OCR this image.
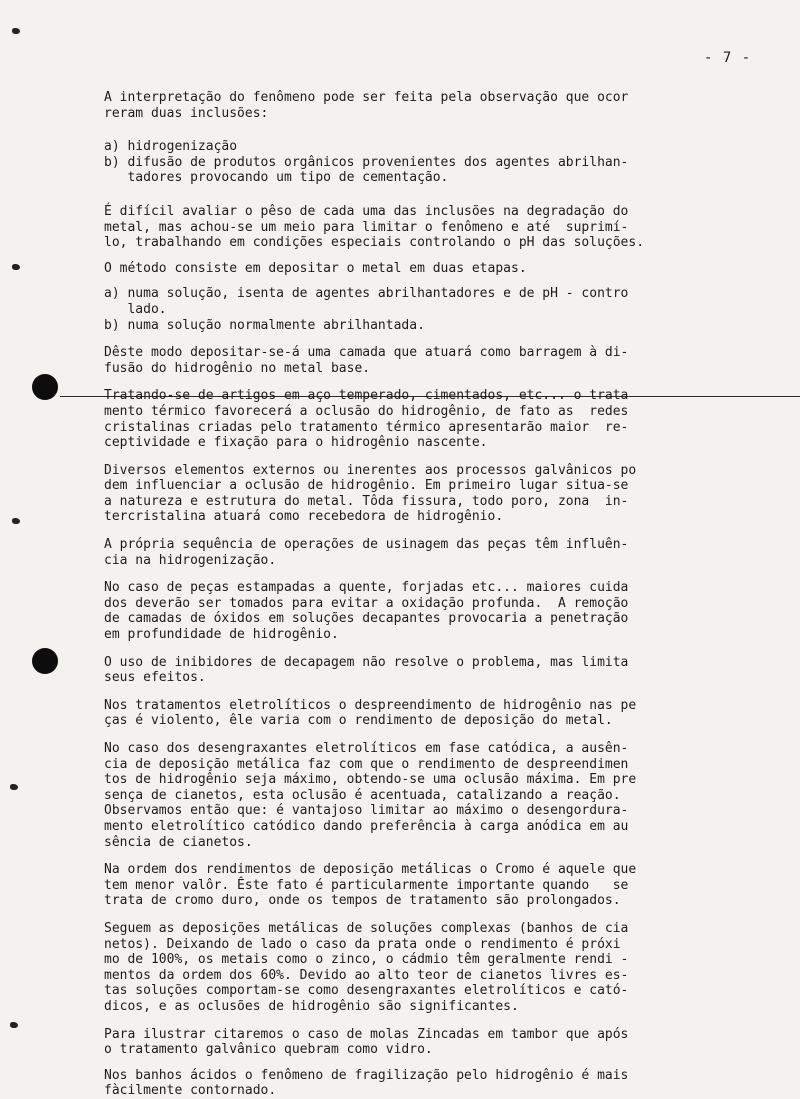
- 7 -

A interpretação do fenômeno pode ser feita pela observação que ocor
reram duas inclusões:

a) hidrogenização
b) difusão de produtos orgânicos provenientes dos agentes abrilhan-
tadores provocando um tipo de cementação.

É difícil avaliar o pêso de cada uma das inclusões na degradação do
metal, mas achou-se um meio para limitar o fenômeno e até  suprimí-
lo, trabalhando em condições especiais controlando o pH das soluções.

O método consiste em depositar o metal em duas etapas.

a) numa solução, isenta de agentes abrilhantadores e de pH - contro
lado.
b) numa solução normalmente abrilhantada.

Dêste modo depositar-se-á uma camada que atuará como barragem à di-
fusão do hidrogênio no metal base.

Tratando-se de artigos em aço temperado, cimentados, etc... o trata
mento térmico favorecerá a oclusão do hidrogênio, de fato as  redes
cristalinas criadas pelo tratamento térmico apresentarão maior  re-
ceptividade e fixação para o hidrogênio nascente.

Diversos elementos externos ou inerentes aos processos galvânicos po
dem influenciar a oclusão de hidrogênio. Em primeiro lugar situa-se
a natureza e estrutura do metal. Tôda fissura, todo poro, zona  in-
tercristalina atuará como recebedora de hidrogênio.

A própria sequência de operações de usinagem das peças têm influên-
cia na hidrogenização.

No caso de peças estampadas a quente, forjadas etc... maiores cuida
dos deverão ser tomados para evitar a oxidação profunda.  A remoção
de camadas de óxidos em soluções decapantes provocaria a penetração
em profundidade de hidrogênio.

O uso de inibidores de decapagem não resolve o problema, mas limita
seus efeitos.

Nos tratamentos eletrolíticos o despreendimento de hidrogênio nas pe
ças é violento, êle varia com o rendimento de deposição do metal.

No caso dos desengraxantes eletrolíticos em fase catódica, a ausên-
cia de deposição metálica faz com que o rendimento de despreendimen
tos de hidrogênio seja máximo, obtendo-se uma oclusão máxima. Em pre
sença de cianetos, esta oclusão é acentuada, catalizando a reação.
Observamos então que: é vantajoso limitar ao máximo o desengordura-
mento eletrolítico catódico dando preferência à carga anódica em au
sência de cianetos.

Na ordem dos rendimentos de deposição metálicas o Cromo é aquele que
tem menor valôr. Êste fato é particularmente importante quando   se
trata de cromo duro, onde os tempos de tratamento são prolongados.

Seguem as deposições metálicas de soluções complexas (banhos de cia
netos). Deixando de lado o caso da prata onde o rendimento é próxi
mo de 100%, os metais como o zinco, o cádmio têm geralmente rendi -
mentos da ordem dos 60%. Devido ao alto teor de cianetos livres es-
tas soluções comportam-se como desengraxantes eletrolíticos e cató-
dicos, e as oclusões de hidrogênio são significantes.

Para ilustrar citaremos o caso de molas Zincadas em tambor que após
o tratamento galvânico quebram como vidro.

Nos banhos ácidos o fenômeno de fragilização pelo hidrogênio é mais
fàcilmente contornado.
